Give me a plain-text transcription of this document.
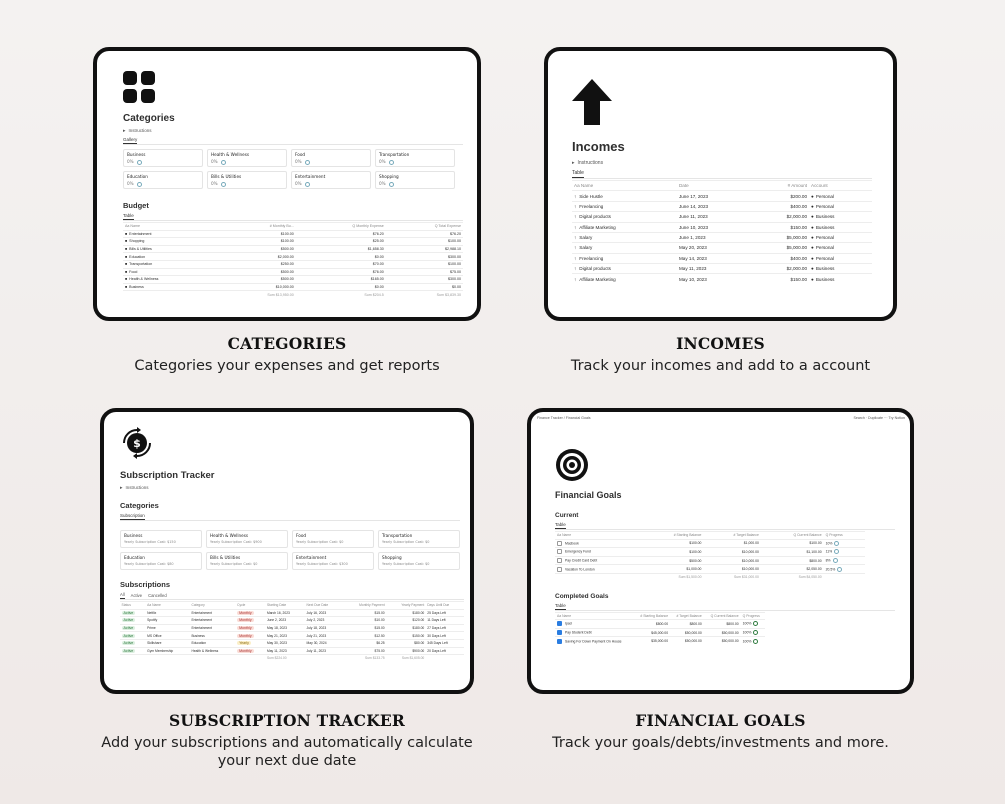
Categories
▸ Instructions
Gallery
Business
0%
Health & Wellness
0%
Food
0%
Transportation
0%
Education
0%
Bills & Utilities
0%
Entertainment
0%
Shopping
0%
Budget
Table
Aa Name	# Monthly Bu...	Q Monthly Expense	Q Total Expense
■ Entertainment	$100.00	$76.20	$76.20
■ Shopping	$100.00	$25.00	$100.00
■ Bills & Utilities	$500.00	$1,658.30	$2,988.10
■ Education	$2,000.00	$0.00	$300.00
■ Transportation	$250.00	$70.00	$100.00
■ Food	$500.00	$76.00	$75.00
■ Health & Wellness	$500.00	$165.00	$300.00
■ Business	$10,000.00	$0.00	$0.00
	Sum $13,950.00	Sum $204.5	Sum $3,839.30
CATEGORIES
Categories your expenses and get reports
Incomes
▸ Instructions
Table
Aa Name	Date	# Amount	Account
↑ Side Hustle	June 17, 2023	$200.00	● Personal
↑ Freelancing	June 14, 2023	$400.00	● Personal
↑ Digital products	June 11, 2023	$2,000.00	● Business
↑ Affiliate Marketing	June 10, 2023	$150.00	● Business
↑ Salary	June 1, 2023	$5,000.00	● Personal
↑ Salary	May 20, 2023	$5,000.00	● Personal
↑ Freelancing	May 14, 2023	$400.00	● Personal
↑ Digital products	May 11, 2023	$2,000.00	● Business
↑ Affiliate Marketing	May 10, 2023	$150.00	● Business
INCOMES
Track your incomes and add to a account
$
Subscription Tracker
▸ Instructions
Categories
Subscription
Business
Yearly Subscription Cost: $150
Health & Wellness
Yearly Subscription Cost: $900
Food
Yearly Subscription Cost: $0
Transportation
Yearly Subscription Cost: $0
Education
Yearly Subscription Cost: $80
Bills & Utilities
Yearly Subscription Cost: $0
Entertainment
Yearly Subscription Cost: $300
Shopping
Yearly Subscription Cost: $0
Subscriptions
All Active Cancelled
Status	Aa Name	Category	Cycle	Starting Date	Next Due Date	Monthly Payment	Yearly Payment	Days Until Due
Active	Netflix	Entertainment	Monthly	March 16, 2023	July 16, 2023	$15.00	$180.00	25 Days Left
Active	Spotify	Entertainment	Monthly	June 2, 2023	July 2, 2023	$10.00	$120.00	11 Days Left
Active	Prime	Entertainment	Monthly	May 18, 2023	July 18, 2023	$15.00	$180.00	27 Days Left
Active	MS Office	Business	Monthly	May 21, 2023	July 21, 2023	$12.50	$150.00	30 Days Left
Active	Skillshare	Education	Yearly	May 30, 2023	May 30, 2024	$6.25	$80.00	345 Days Left
Active	Gym Membership	Health & Wellness	Monthly	May 11, 2023	July 11, 2023	$75.00	$900.00	20 Days Left
				Sum $224.00		Sum $133.75	Sum $1,605.00	
SUBSCRIPTION TRACKER
Add your subscriptions and automatically calculate your next due date
Finance Tracker / Financial Goals	Search · Duplicate ··· Try Notion
Financial Goals
Current
Table
Aa Name	# Starting Balance	# Target Balance	Q Current Balance	Q Progress
Macbook	$100.00	$1,000.00	$100.00	10%
Emergency Fund	$100.00	$10,000.00	$1,100.00	11%
Pay Credit Card Debt	$500.00	$10,000.00	$800.00	8%
Vacation To London	$1,000.00	$10,000.00	$2,050.00	20.5%
	Sum $1,500.00	Sum $31,000.00	Sum $4,050.00	
Completed Goals
Table
Aa Name	# Starting Balance	# Target Balance	Q Current Balance	Q Progress
Ipad	$800.00	$800.00	$800.00	100%
Pay Student Debt	$45,000.00	$50,000.00	$50,000.00	100%
Saving For Down Payment On House	$35,000.00	$50,000.00	$50,000.00	100%
FINANCIAL GOALS
Track your goals/debts/investments and more.
